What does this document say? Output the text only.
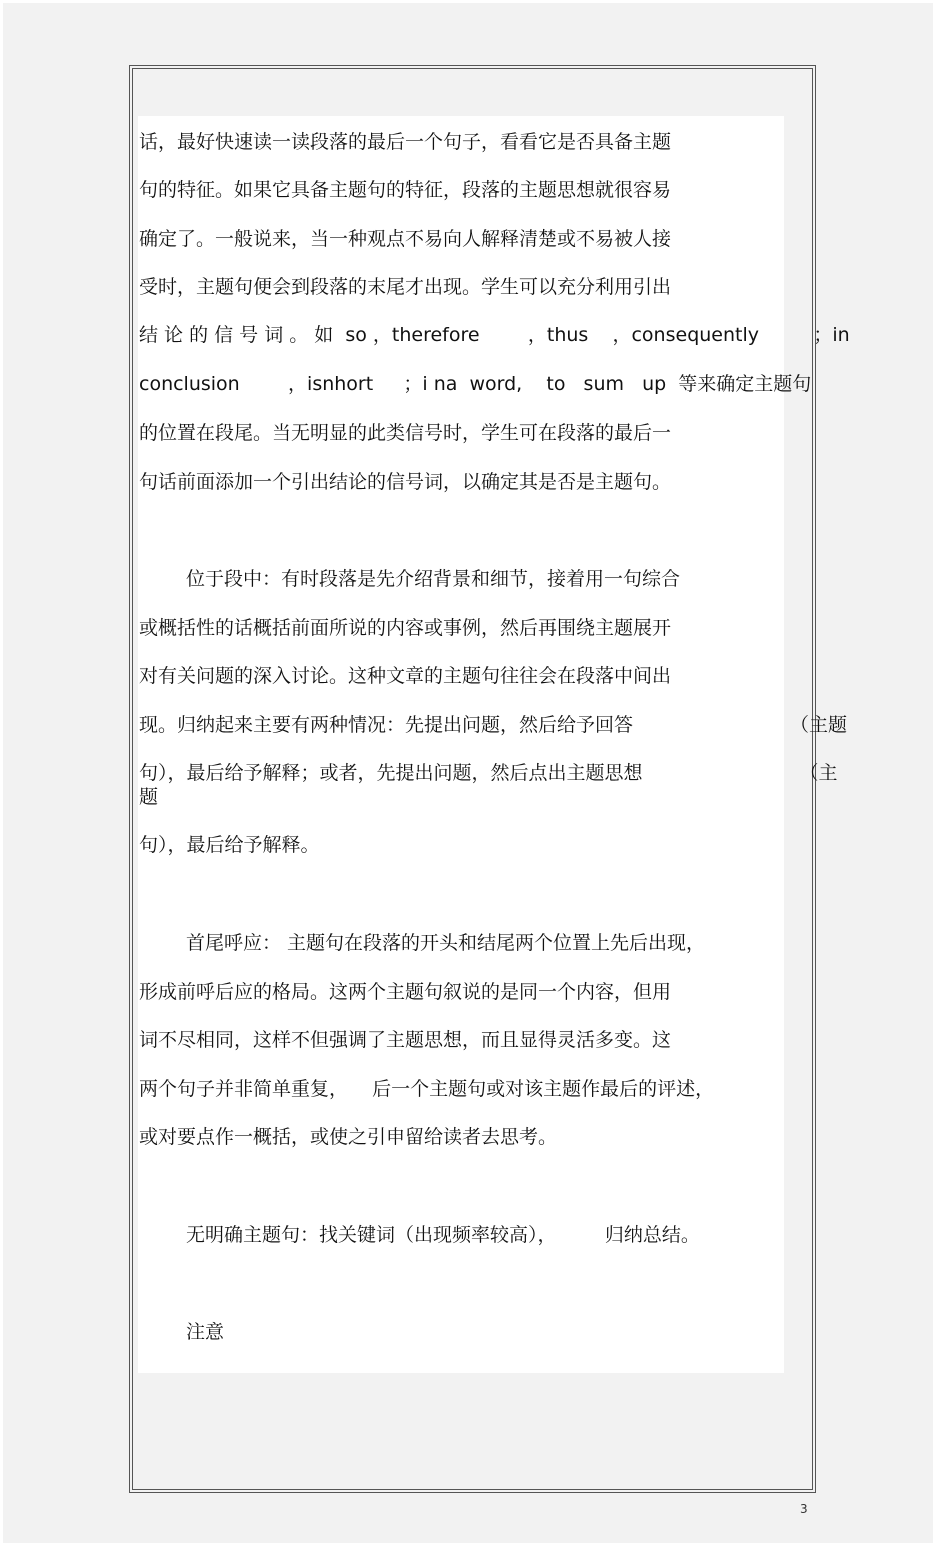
话，最好快速读一读段落的最后一个句子，看看它是否具备主题
句的特征。如果它具备主题句的特征，段落的主题思想就很容易
确定了。一般说来，当一种观点不易向人解释清楚或不易被人接
受时，主题句便会到段落的末尾才出现。学生可以充分利用引出
结 论 的 信 号 词 。 如  so ，therefore        ，thus    ，consequently         ；in
conclusion        ，isnhort     ；i na  word,    to   sum   up  等来确定主题句
的位置在段尾。当无明显的此类信号时，学生可在段落的最后一
句话前面添加一个引出结论的信号词，以确定其是否是主题句。
位于段中：有时段落是先介绍背景和细节，接着用一句综合
或概括性的话概括前面所说的内容或事例，然后再围绕主题展开
对有关问题的深入讨论。这种文章的主题句往往会在段落中间出
现。归纳起来主要有两种情况：先提出问题，然后给予回答                          （主题
句），最后给予解释；或者，先提出问题，然后点出主题思想                          （主
题
句），最后给予解释。
首尾呼应： 主题句在段落的开头和结尾两个位置上先后出现，
形成前呼后应的格局。这两个主题句叙说的是同一个内容，但用
词不尽相同，这样不但强调了主题思想，而且显得灵活多变。这
两个句子并非简单重复，    后一个主题句或对该主题作最后的评述，
或对要点作一概括，或使之引申留给读者去思考。
无明确主题句：找关键词（出现频率较高），        归纳总结。
注意
3
